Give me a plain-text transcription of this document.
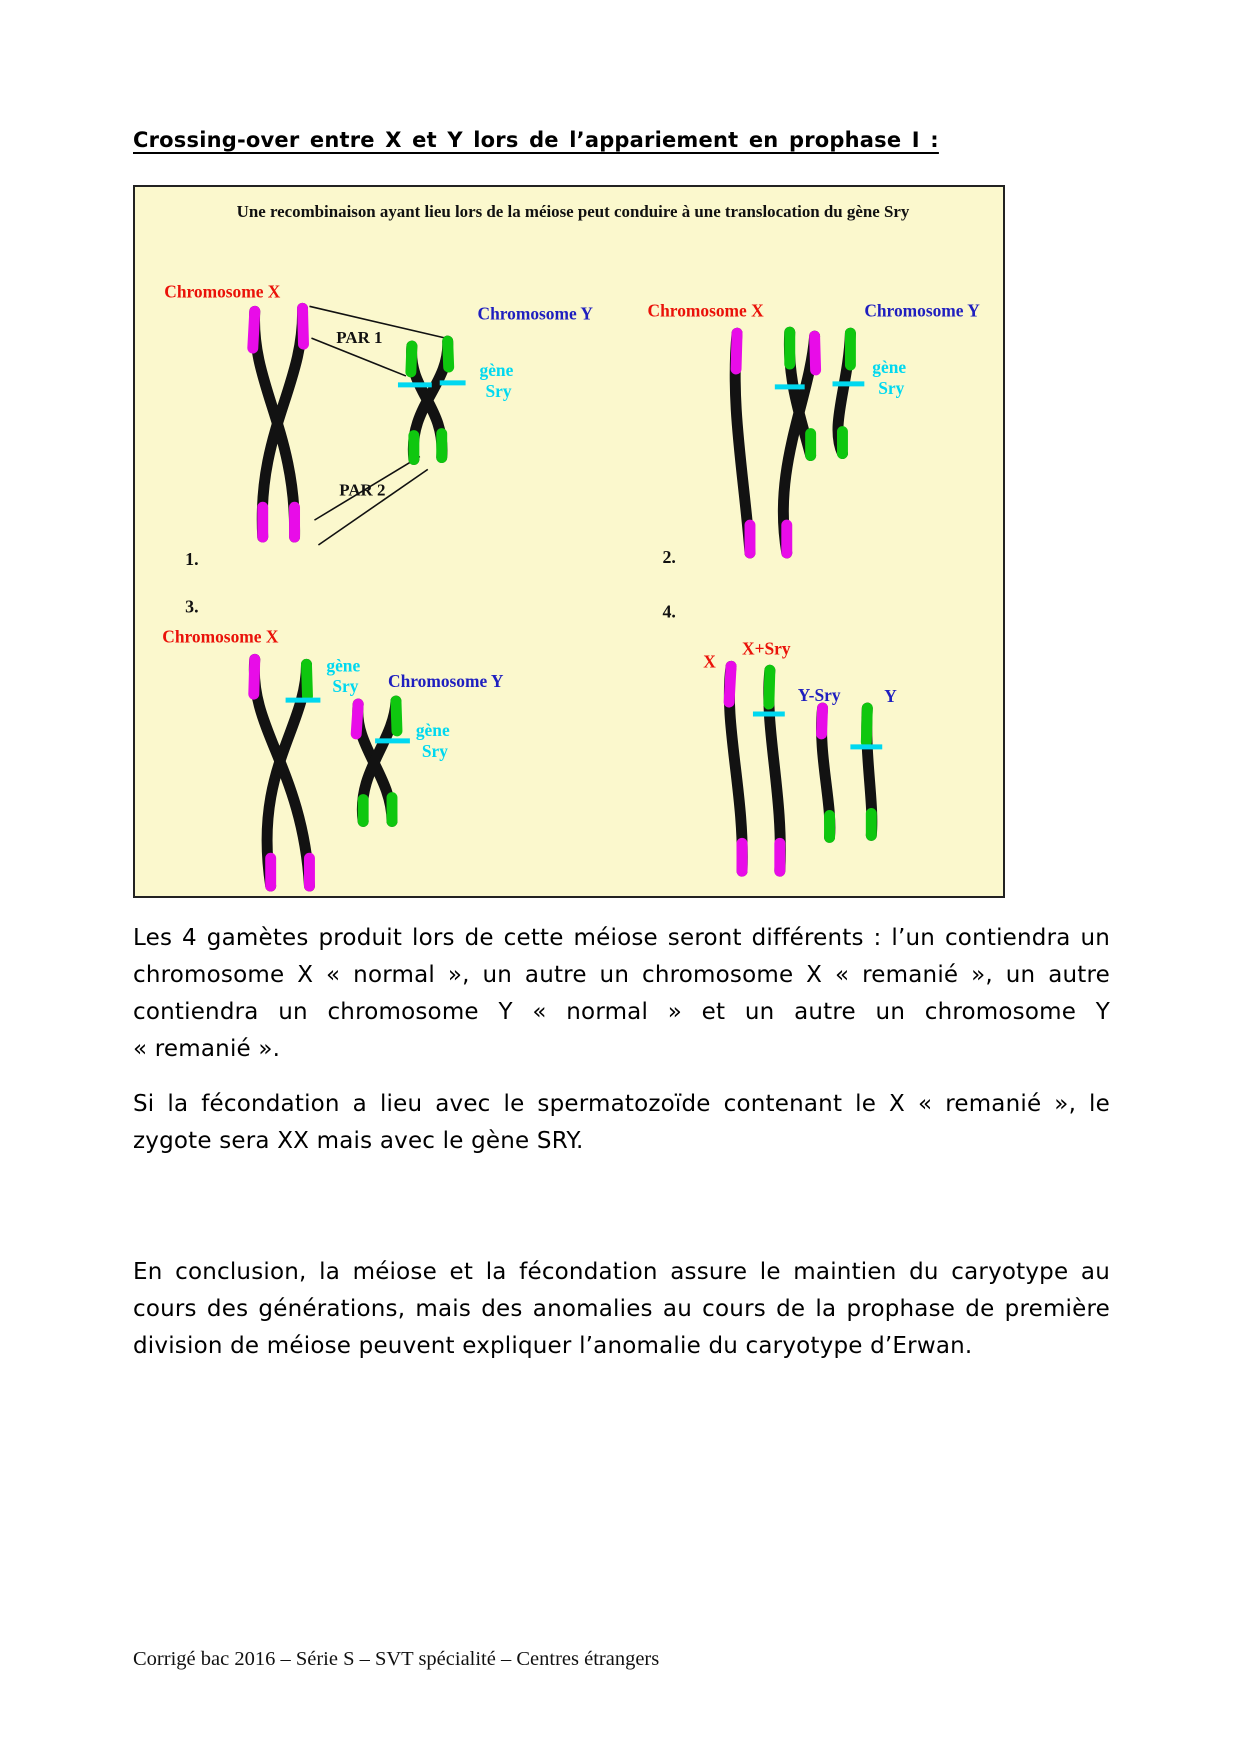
Crossing-over entre X et Y lors de l’appariement en prophase I :
Une recombinaison ayant lieu lors de la méiose peut conduire à une translocation du gène Sry
Chromosome X
Chromosome Y
PAR 1
PAR 2
gène
Sry
1.
Chromosome X	Chromosome Y
gène
Sry
2.
3.
Chromosome X
Chromosome Y
gène
Sry
gène
Sry
4.
X
X+Sry
Y-Sry Y
Les 4 gamètes produit lors de cette méiose seront différents : l’un contiendra un chromosome X « normal », un autre un chromosome X « remanié », un autre contiendra un chromosome Y « normal » et un autre un chromosome Y « remanié ».
Si la fécondation a lieu avec le spermatozoïde contenant le X « remanié », le zygote sera XX mais avec le gène SRY.
En conclusion, la méiose et la fécondation assure le maintien du caryotype au cours des générations, mais des anomalies au cours de la prophase de première division de méiose peuvent expliquer l’anomalie du caryotype d’Erwan.
Corrigé bac 2016 – Série S – SVT spécialité – Centres étrangers
